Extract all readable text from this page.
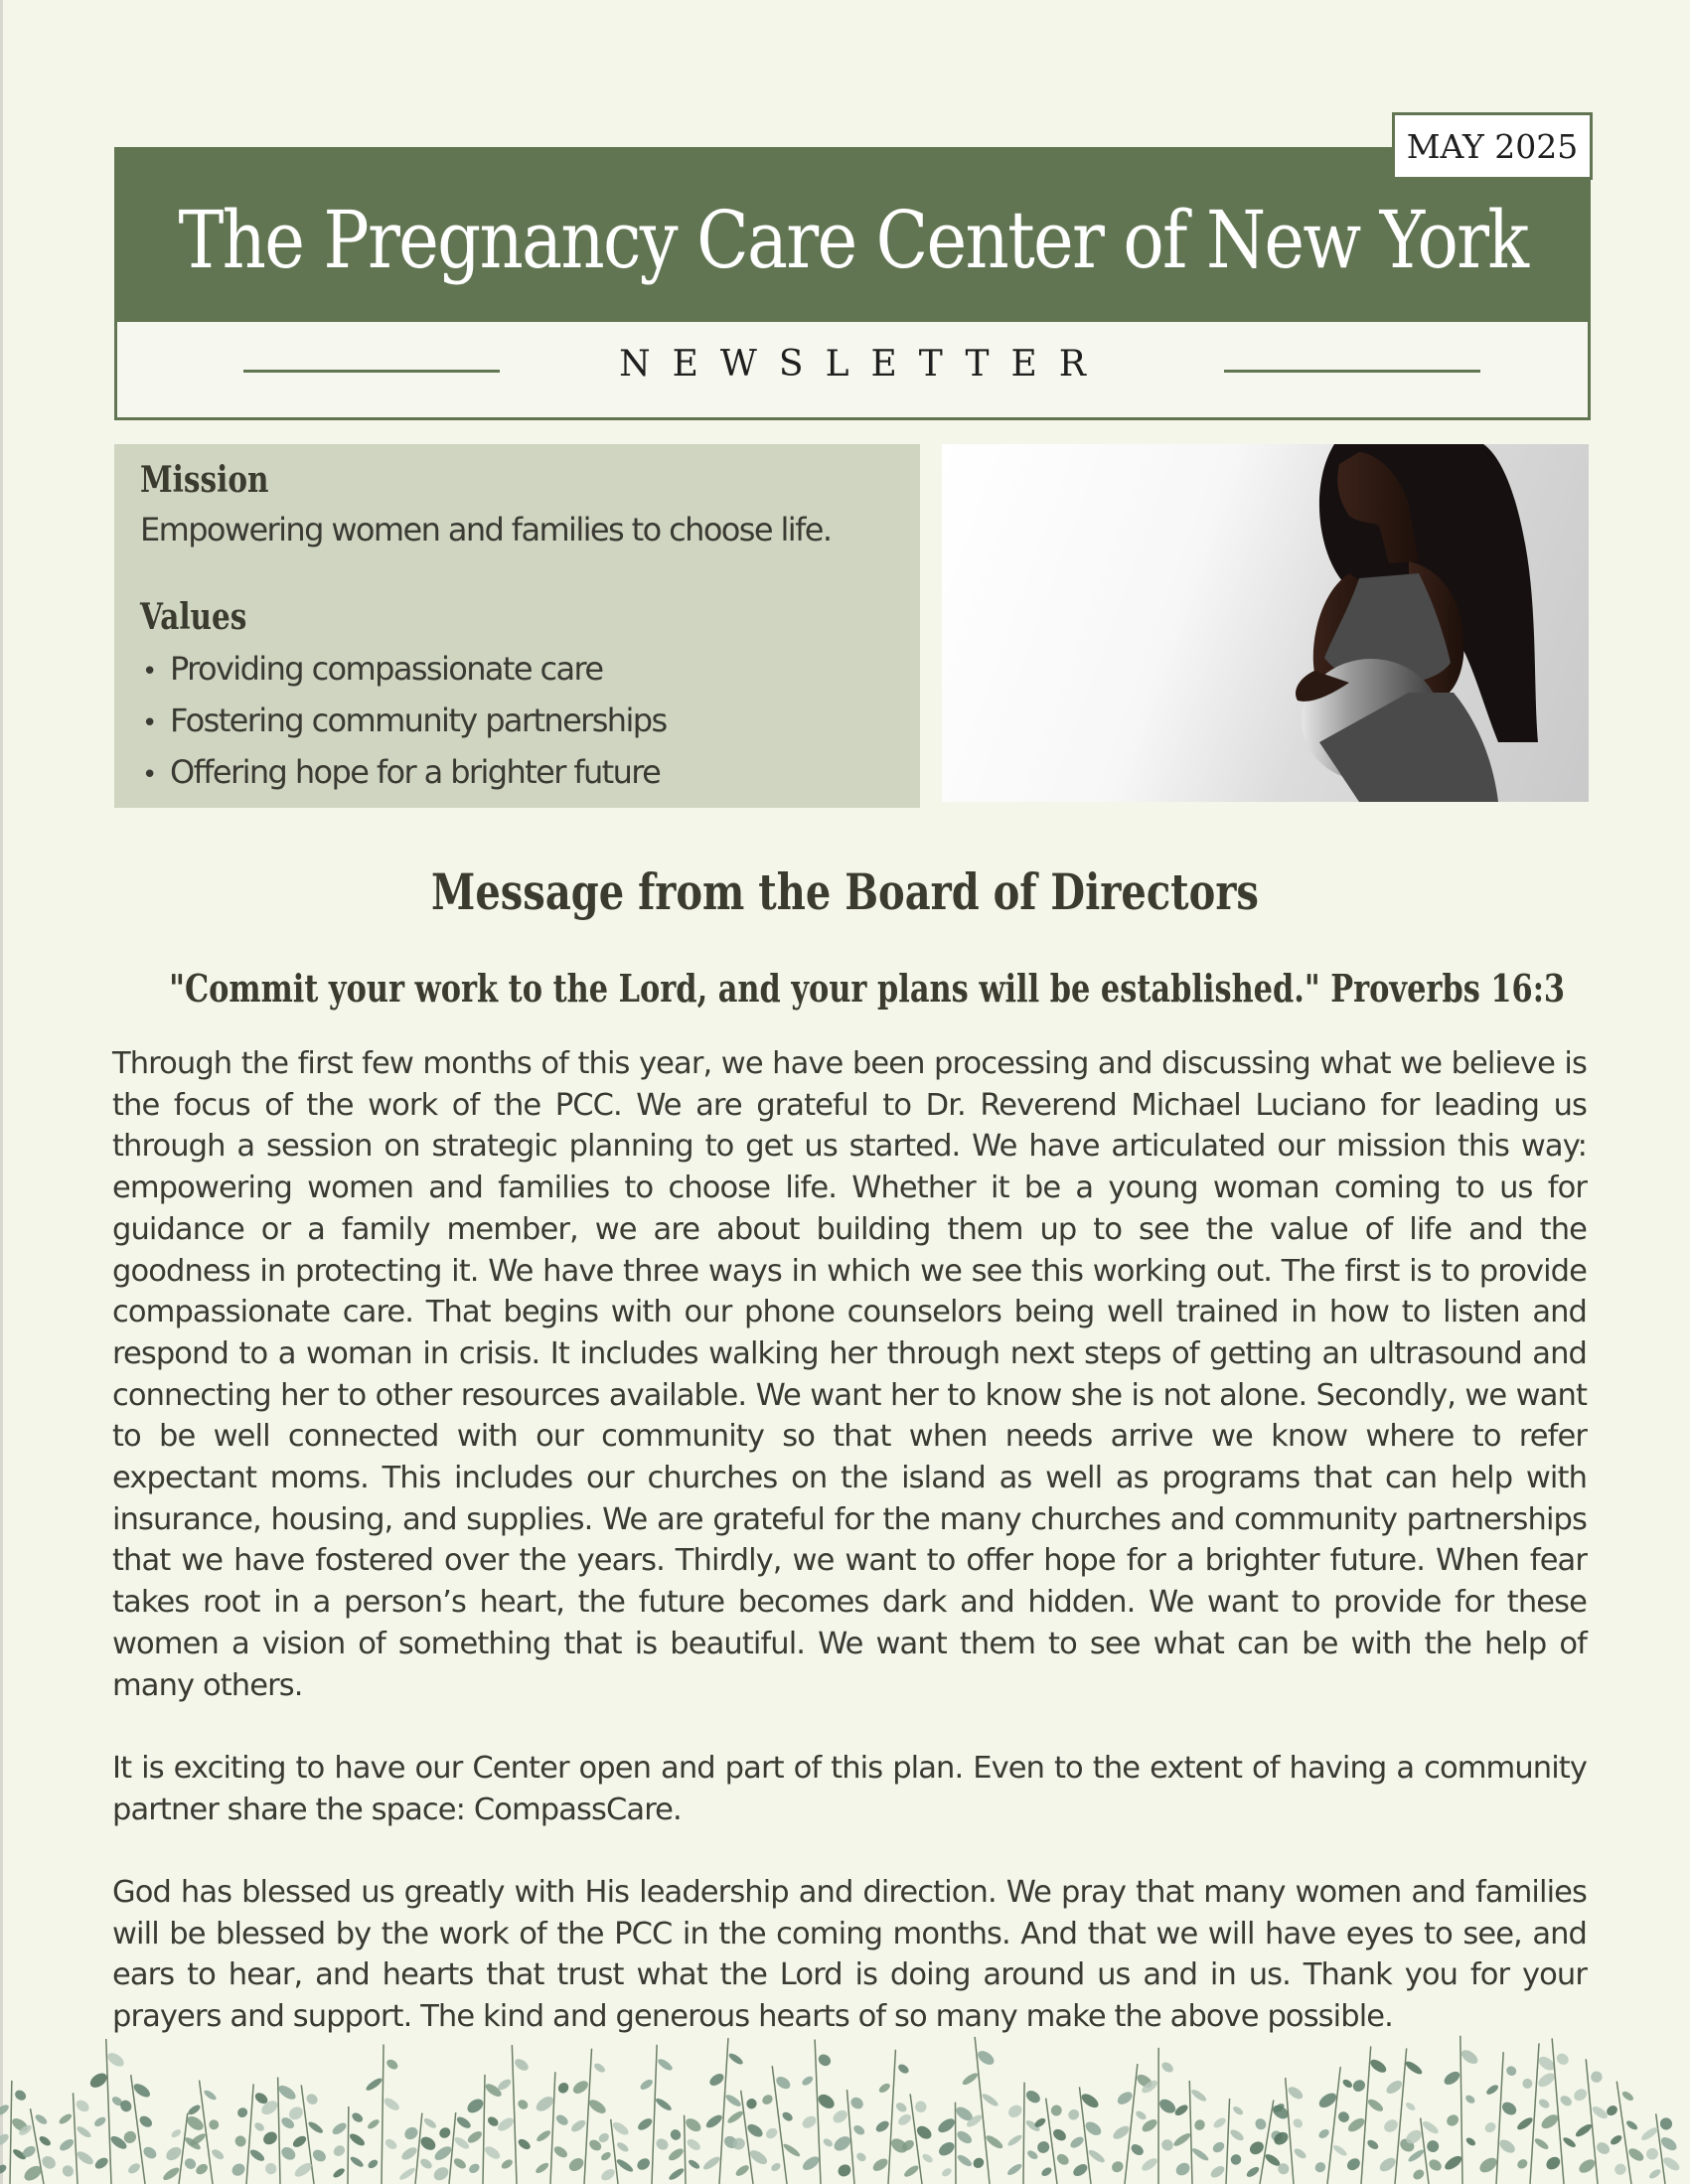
The Pregnancy Care Center of New York
MAY 2025
NEWSLETTER
Mission

Empowering women and families to choose life.

Values
• Providing compassionate care
• Fostering community partnerships
• Offering hope for a brighter future
Message from the Board of Directors
"Commit your work to the Lord, and your plans will be established." Proverbs 16:3

Through the first few months of this year, we have been processing and discussing what we believe is the focus of the work of the PCC. We are grateful to Dr. Reverend Michael Luciano for leading us through a session on strategic planning to get us started. We have articulated our mission this way: empowering women and families to choose life. Whether it be a young woman coming to us for guidance or a family member, we are about building them up to see the value of life and the goodness in protecting it. We have three ways in which we see this working out. The first is to provide compassionate care. That begins with our phone counselors being well trained in how to listen and respond to a woman in crisis. It includes walking her through next steps of getting an ultrasound and connecting her to other resources available. We want her to know she is not alone. Secondly, we want to be well connected with our community so that when needs arrive we know where to refer expectant moms. This includes our churches on the island as well as programs that can help with insurance, housing, and supplies. We are grateful for the many churches and community partnerships that we have fostered over the years. Thirdly, we want to offer hope for a brighter future. When fear takes root in a person’s heart, the future becomes dark and hidden. We want to provide for these women a vision of something that is beautiful. We want them to see what can be with the help of many others.

It is exciting to have our Center open and part of this plan. Even to the extent of having a community partner share the space: CompassCare.

God has blessed us greatly with His leadership and direction. We pray that many women and families will be blessed by the work of the PCC in the coming months. And that we will have eyes to see, and ears to hear, and hearts that trust what the Lord is doing around us and in us. Thank you for your prayers and support. The kind and generous hearts of so many make the above possible.
